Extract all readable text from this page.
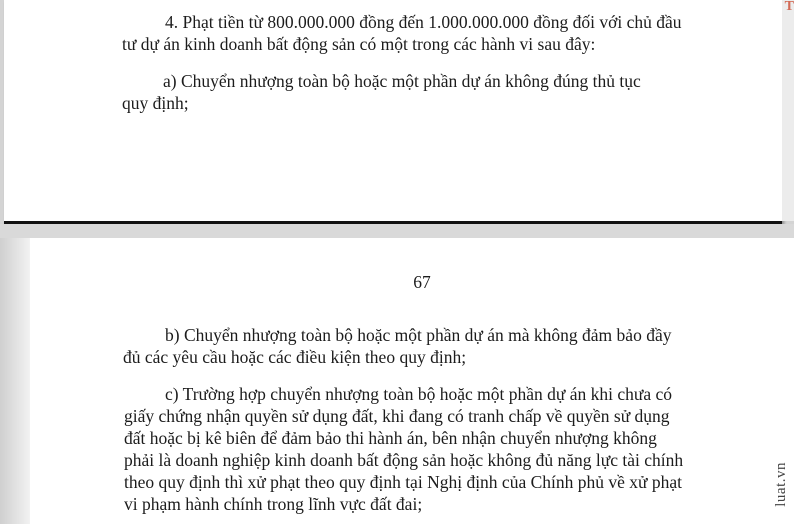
T

4. Phạt tiền từ 800.000.000 đồng đến 1.000.000.000 đồng đối với chủ đầu

tư dự án kinh doanh bất động sản có một trong các hành vi sau đây:

a) Chuyển nhượng toàn bộ hoặc một phần dự án không đúng thủ tục

quy định;

67

b) Chuyển nhượng toàn bộ hoặc một phần dự án mà không đảm bảo đầy

đủ các yêu cầu hoặc các điều kiện theo quy định;

c) Trường hợp chuyển nhượng toàn bộ hoặc một phần dự án khi chưa có

giấy chứng nhận quyền sử dụng đất, khi đang có tranh chấp về quyền sử dụng

đất hoặc bị kê biên để đảm bảo thi hành án, bên nhận chuyển nhượng không

phải là doanh nghiệp kinh doanh bất động sản hoặc không đủ năng lực tài chính

theo quy định thì xử phạt theo quy định tại Nghị định của Chính phủ về xử phạt

vi phạm hành chính trong lĩnh vực đất đai;	luat.vn
